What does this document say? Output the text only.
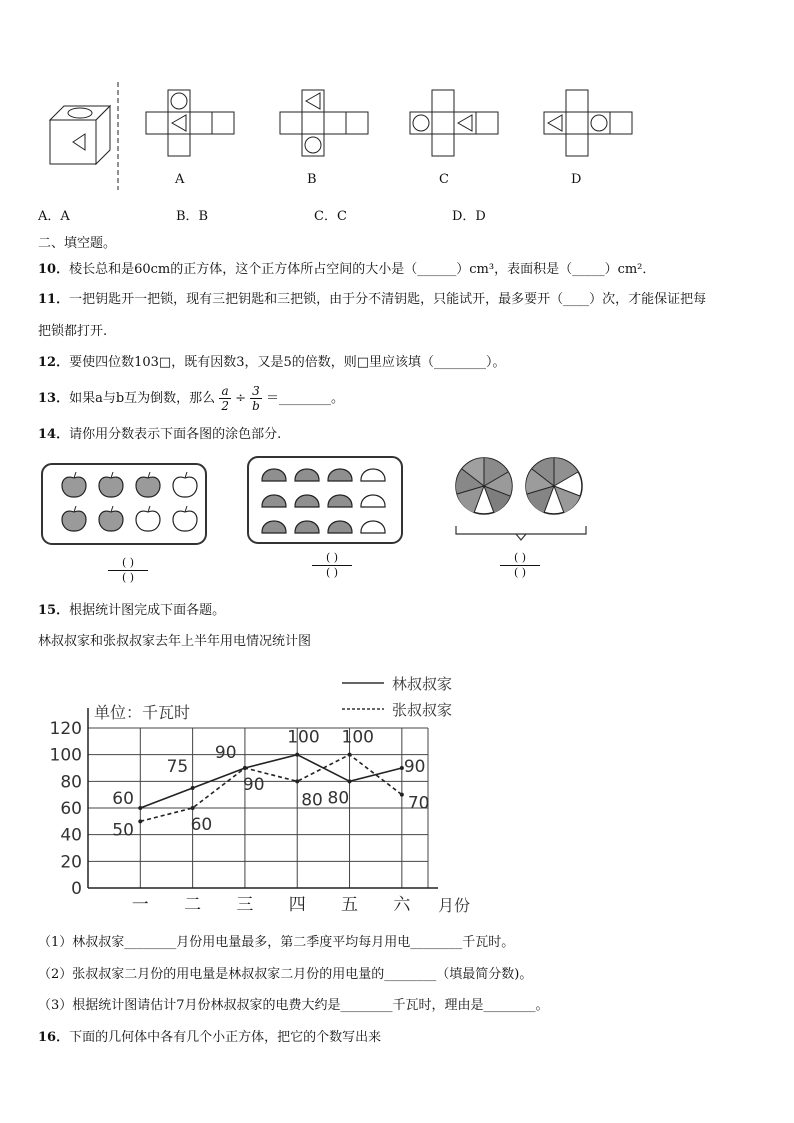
A	B	C	D
A．A	B．B	C．C	D．D
二、填空题。
10．棱长总和是60cm的正方体，这个正方体所占空间的大小是（______）cm³，表面积是（_____）cm²．
11．一把钥匙开一把锁，现有三把钥匙和三把锁，由于分不清钥匙，只能试开，最多要开（____）次，才能保证把每
把锁都打开.
12．要使四位数103□，既有因数3，又是5的倍数，则□里应该填（________）。
13．如果a与b互为倒数，那么 $\frac{a}{2} \div \frac{3}{b}$ ＝________。
14．请你用分数表示下面各图的涂色部分.
( )
( )
( )
( )
( )
( )
15．根据统计图完成下面各题。
林叔叔家和张叔叔家去年上半年用电情况统计图
0
20
40
60
80
100
120
一 二 三 四 五 六
60
75
90
100
80
90
50	60
90
80
100
70
单位：千瓦时
月份
林叔叔家
张叔叔家
（1）林叔叔家________月份用电量最多，第二季度平均每月用电________千瓦时。
（2）张叔叔家二月份的用电量是林叔叔家二月份的用电量的________（填最简分数)。
（3）根据统计图请估计7月份林叔叔家的电费大约是________千瓦时，理由是________。
16．下面的几何体中各有几个小正方体，把它的个数写出来
